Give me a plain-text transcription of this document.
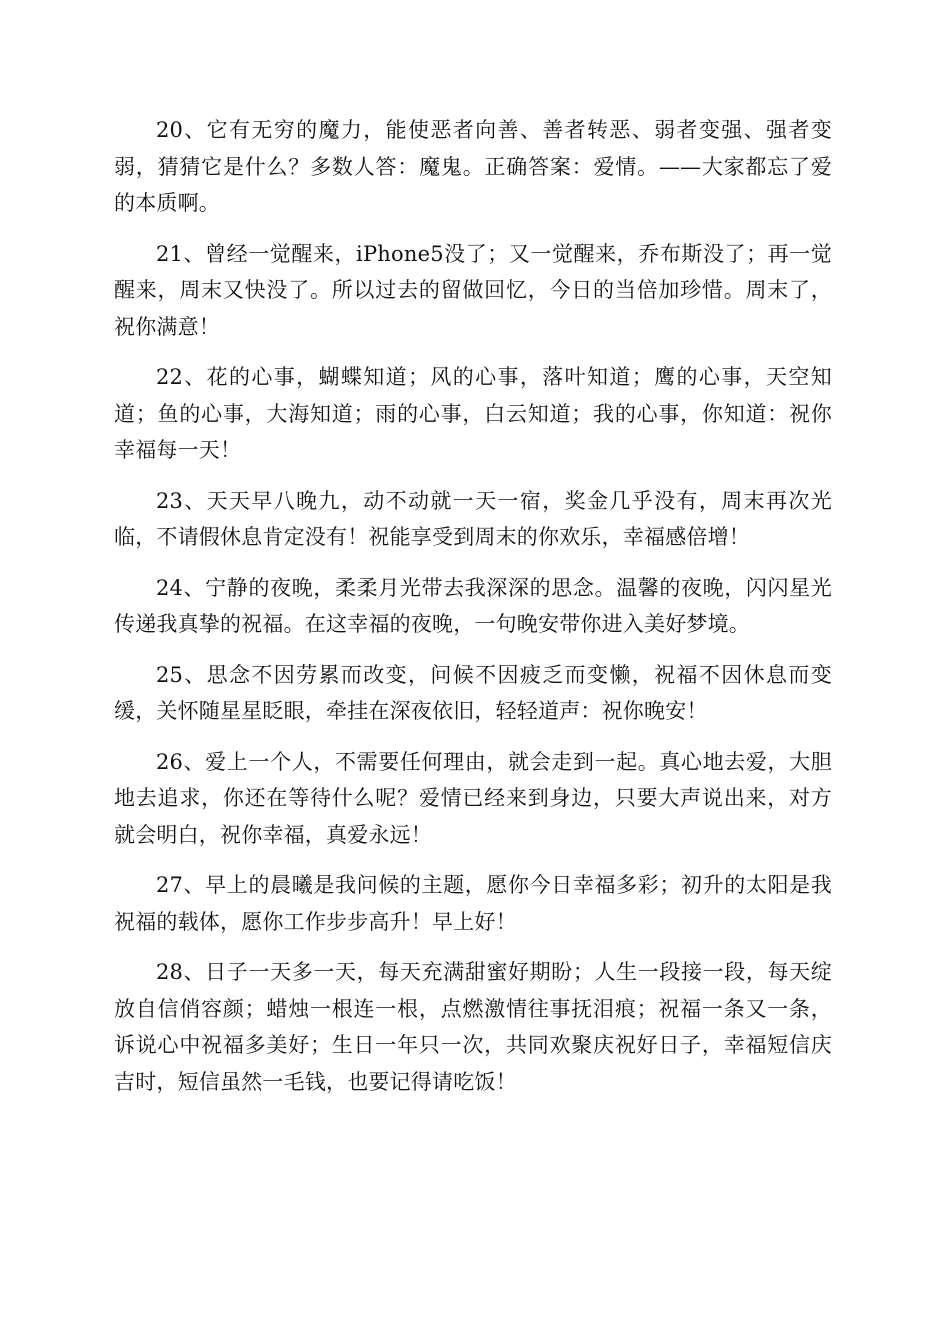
20、它有无穷的魔力，能使恶者向善、善者转恶、弱者变强、强者变弱，猜猜它是什么？多数人答：魔鬼。正确答案：爱情。——大家都忘了爱的本质啊。

21、曾经一觉醒来，iPhone5没了；又一觉醒来，乔布斯没了；再一觉醒来，周末又快没了。所以过去的留做回忆，今日的当倍加珍惜。周末了，祝你满意！

22、花的心事，蝴蝶知道；风的心事，落叶知道；鹰的心事，天空知道；鱼的心事，大海知道；雨的心事，白云知道；我的心事，你知道：祝你幸福每一天！

23、天天早八晚九，动不动就一天一宿，奖金几乎没有，周末再次光临，不请假休息肯定没有！祝能享受到周末的你欢乐，幸福感倍增！

24、宁静的夜晚，柔柔月光带去我深深的思念。温馨的夜晚，闪闪星光传递我真挚的祝福。在这幸福的夜晚，一句晚安带你进入美好梦境。

25、思念不因劳累而改变，问候不因疲乏而变懒，祝福不因休息而变缓，关怀随星星眨眼，牵挂在深夜依旧，轻轻道声：祝你晚安！

26、爱上一个人，不需要任何理由，就会走到一起。真心地去爱，大胆地去追求，你还在等待什么呢？爱情已经来到身边，只要大声说出来，对方就会明白，祝你幸福，真爱永远！

27、早上的晨曦是我问候的主题，愿你今日幸福多彩；初升的太阳是我祝福的载体，愿你工作步步高升！早上好！

28、日子一天多一天，每天充满甜蜜好期盼；人生一段接一段，每天绽放自信俏容颜；蜡烛一根连一根，点燃激情往事抚泪痕；祝福一条又一条，诉说心中祝福多美好；生日一年只一次，共同欢聚庆祝好日子，幸福短信庆吉时，短信虽然一毛钱，也要记得请吃饭！
